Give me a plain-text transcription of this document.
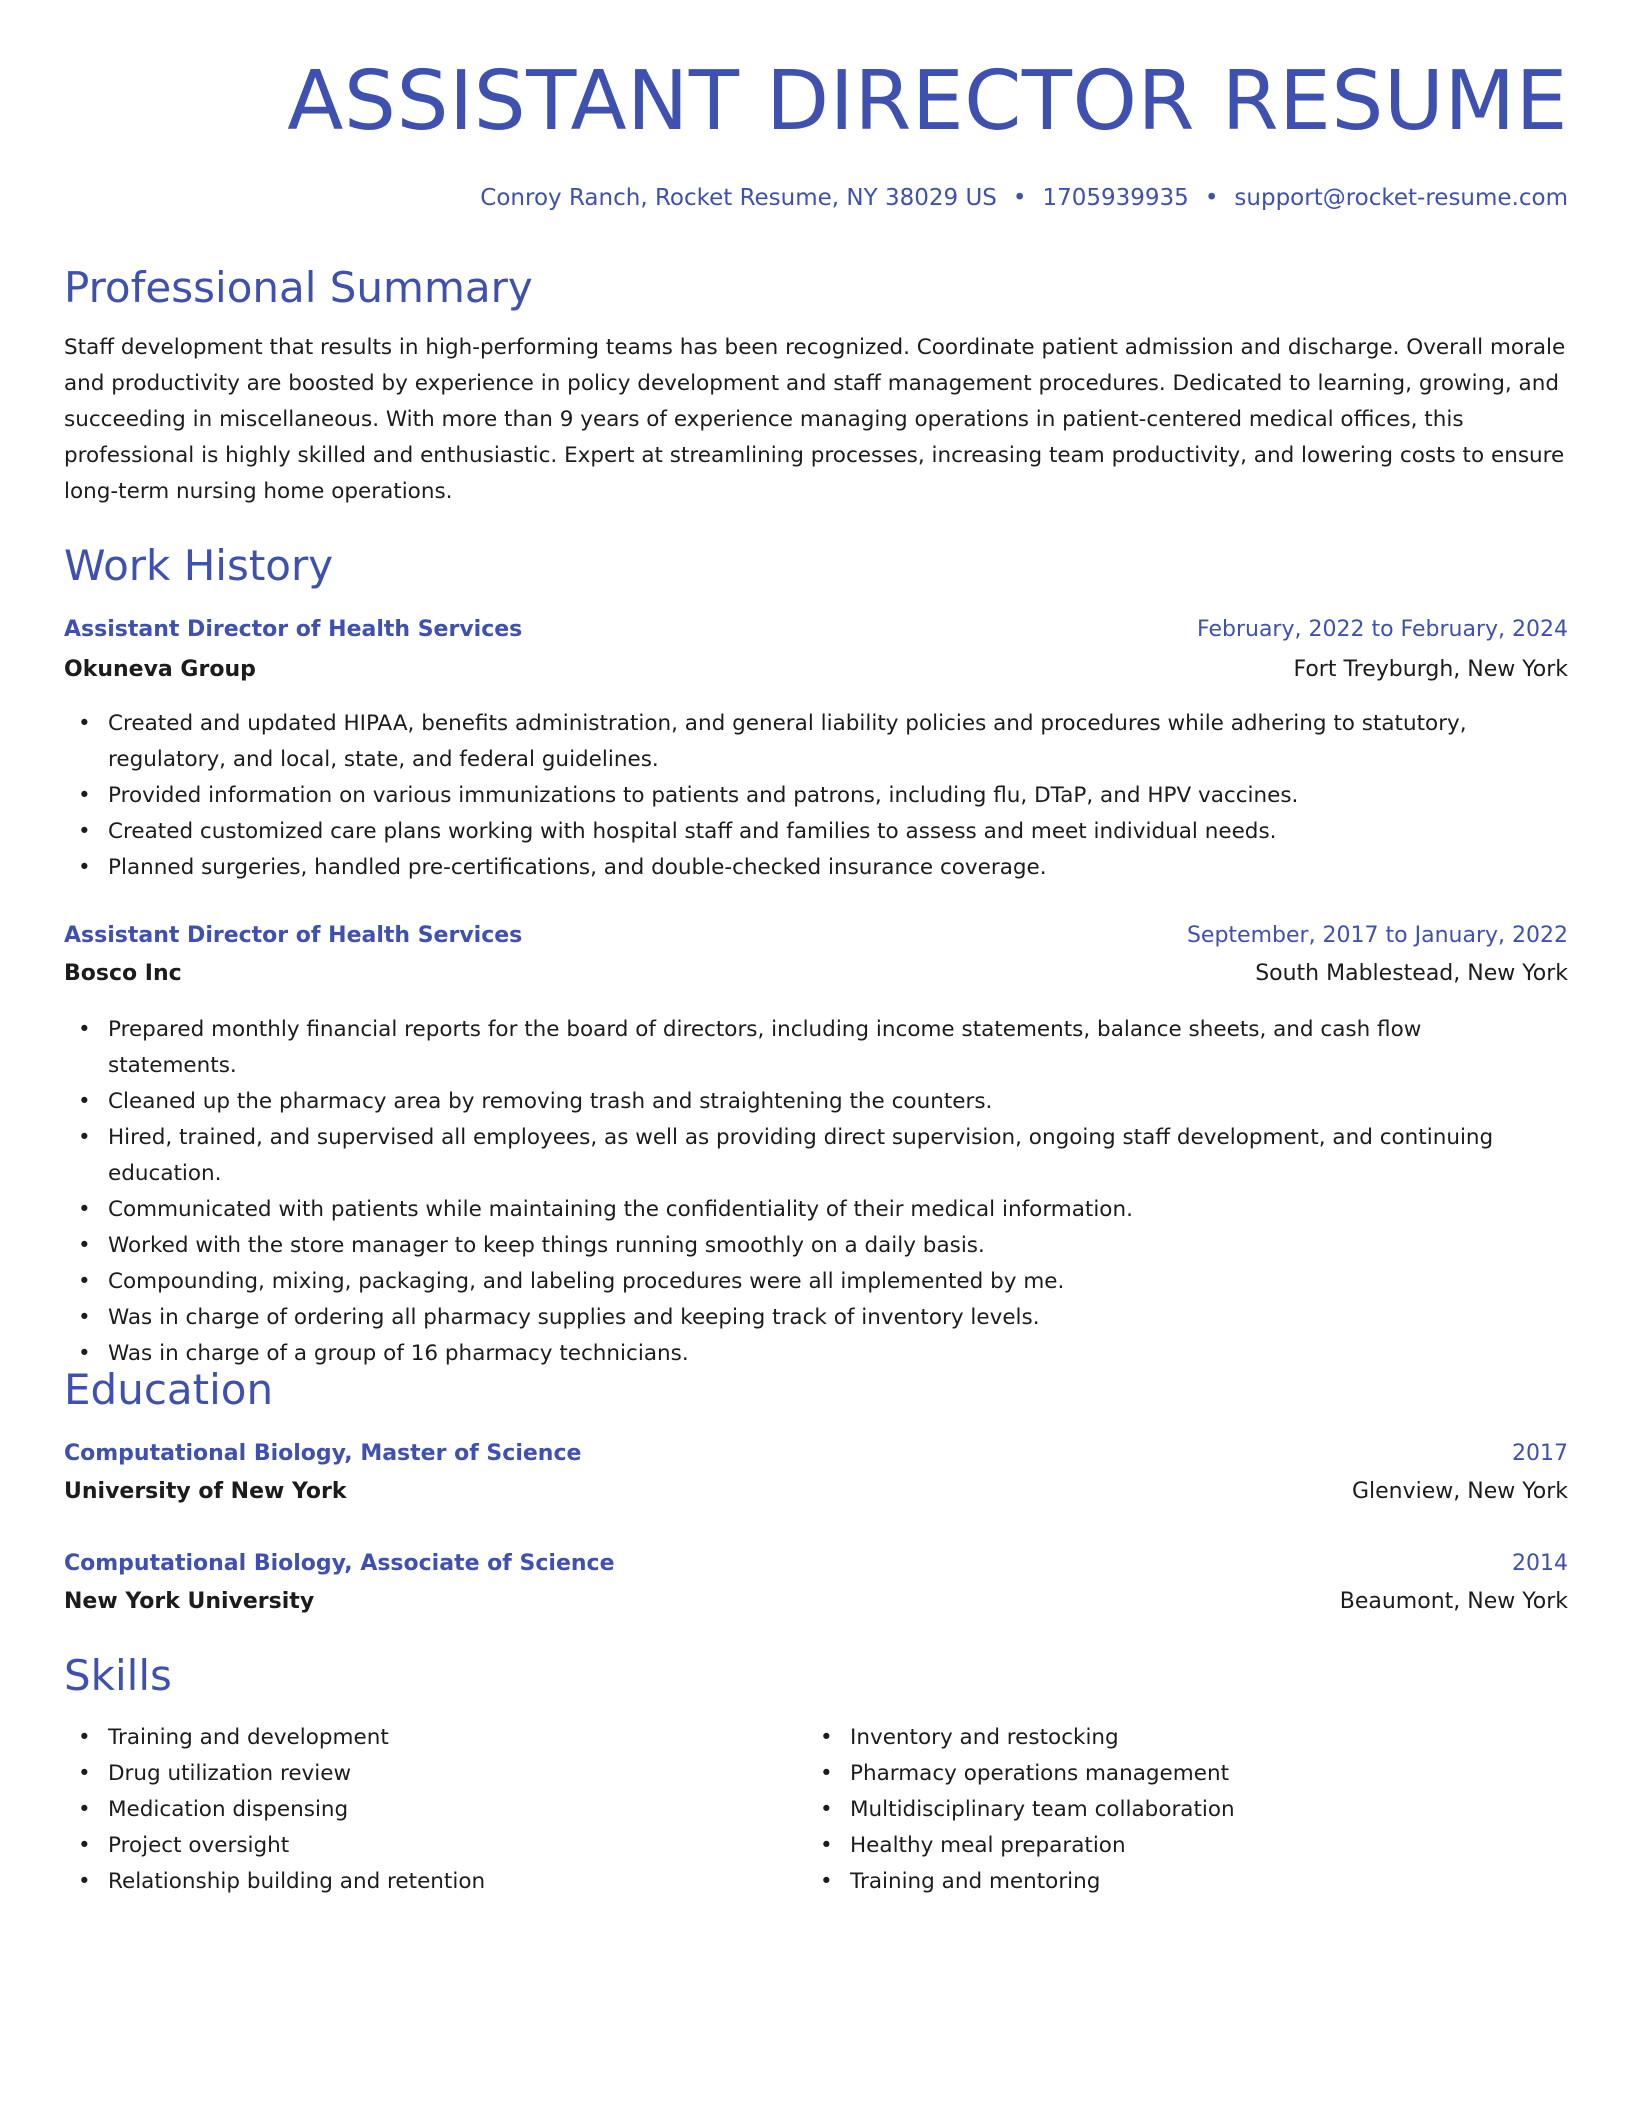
ASSISTANT DIRECTOR RESUME
Conroy Ranch, Rocket Resume, NY 38029 US • 1705939935 • support@rocket-resume.com
Professional Summary
Staff development that results in high-performing teams has been recognized. Coordinate patient admission and discharge. Overall morale and productivity are boosted by experience in policy development and staff management procedures. Dedicated to learning, growing, and succeeding in miscellaneous. With more than 9 years of experience managing operations in patient-centered medical offices, this professional is highly skilled and enthusiastic. Expert at streamlining processes, increasing team productivity, and lowering costs to ensure long-term nursing home operations.
Work History
Assistant Director of Health Services	February, 2022 to February, 2024
Okuneva Group	Fort Treyburgh, New York
• Created and updated HIPAA, benefits administration, and general liability policies and procedures while adhering to statutory, regulatory, and local, state, and federal guidelines.
• Provided information on various immunizations to patients and patrons, including flu, DTaP, and HPV vaccines.
• Created customized care plans working with hospital staff and families to assess and meet individual needs.
• Planned surgeries, handled pre-certifications, and double-checked insurance coverage.
Assistant Director of Health Services	September, 2017 to January, 2022
Bosco Inc	South Mablestead, New York
• Prepared monthly financial reports for the board of directors, including income statements, balance sheets, and cash flow statements.
• Cleaned up the pharmacy area by removing trash and straightening the counters.
• Hired, trained, and supervised all employees, as well as providing direct supervision, ongoing staff development, and continuing education.
• Communicated with patients while maintaining the confidentiality of their medical information.
• Worked with the store manager to keep things running smoothly on a daily basis.
• Compounding, mixing, packaging, and labeling procedures were all implemented by me.
• Was in charge of ordering all pharmacy supplies and keeping track of inventory levels.
• Was in charge of a group of 16 pharmacy technicians.
Education
Computational Biology, Master of Science	2017
University of New York	Glenview, New York
Computational Biology, Associate of Science	2014
New York University	Beaumont, New York
Skills
• Training and development
• Drug utilization review
• Medication dispensing
• Project oversight
• Relationship building and retention
• Inventory and restocking
• Pharmacy operations management
• Multidisciplinary team collaboration
• Healthy meal preparation
• Training and mentoring
